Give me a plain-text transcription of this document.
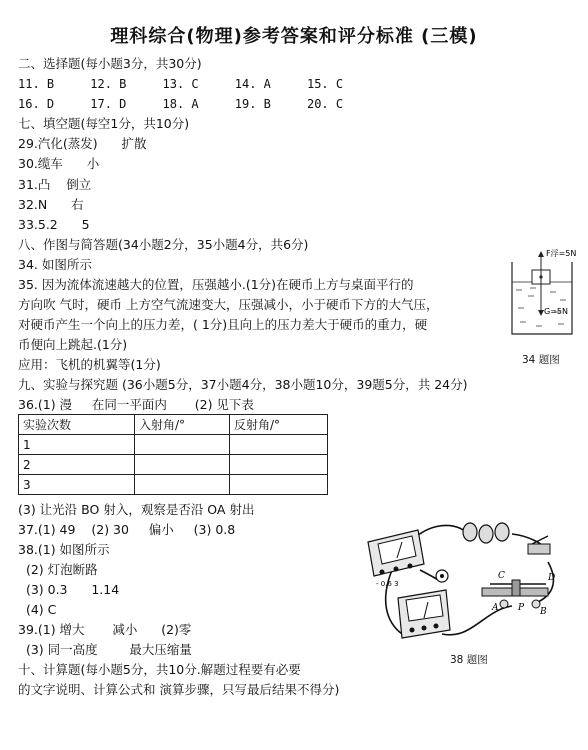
理科综合(物理)参考答案和评分标准 (三模)
二、选择题(每小题3分，共30分)
11. B     12. B     13. C     14. A     15. C
16. D     17. D     18. A     19. B     20. C
七、填空题(每空1分，共10分)
29.汽化(蒸发)      扩散
30.缆车      小
31.凸    倒立
32.N      右
33.5.2      5
八、作图与简答题(34小题2分，35小题4分，共6分)
34. 如图所示
35. 因为流体流速越大的位置，压强越小.(1分)在硬币上方与桌面平行的
方向吹 气时，硬币 上方空气流速变大，压强减小，小于硬币下方的大气压，
对硬币产生一个向上的压力差，( 1分)且向上的压力差大于硬币的重力，硬
币便向上跳起.(1分)
应用：飞机的机翼等(1分)
F浮=5N
G=5N
34 题图
九、实验与探究题 (36小题5分，37小题4分，38小题10分，39题5分，共 24分)
36.(1) 漫     在同一平面内       (2) 见下表
实验次数	入射角/°	反射角/°
1		
2		
3		
(3) 让光沿 BO 射入，观察是否沿 OA 射出
37.(1) 49    (2) 30     偏小     (3) 0.8
38.(1) 如图所示
(2) 灯泡断路
(3) 0.3      1.14
(4) C
39.(1) 增大       减小      (2)零
(3) 同一高度        最大压缩量
- 0.6 3
C	D
A	B
P
38 题图
十、计算题(每小题5分，共10分.解题过程要有必要
的文字说明、计算公式和 演算步骤，只写最后结果不得分)
